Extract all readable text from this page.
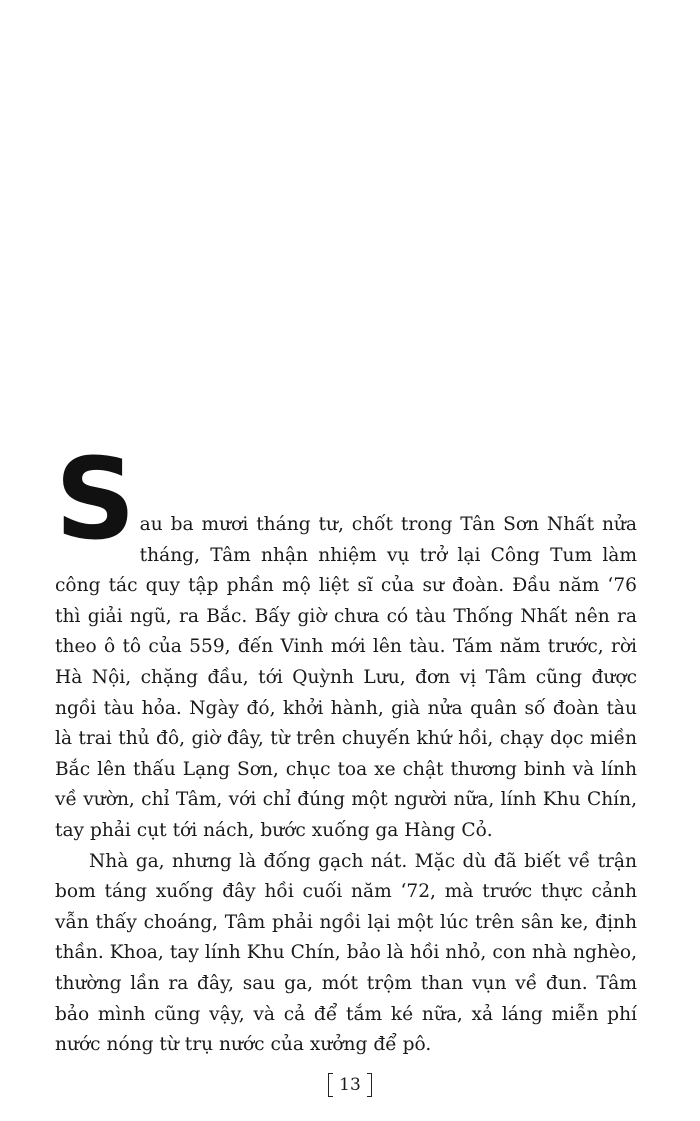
S au ba mươi tháng tư, chốt trong Tân Sơn Nhất nửa tháng, Tâm nhận nhiệm vụ trở lại Công Tum làm công tác quy tập phần mộ liệt sĩ của sư đoàn. Đầu năm ‘76 thì giải ngũ, ra Bắc. Bấy giờ chưa có tàu Thống Nhất nên ra theo ô tô của 559, đến Vinh mới lên tàu. Tám năm trước, rời Hà Nội, chặng đầu, tới Quỳnh Lưu, đơn vị Tâm cũng được ngồi tàu hỏa. Ngày đó, khởi hành, già nửa quân số đoàn tàu là trai thủ đô, giờ đây, từ trên chuyến khứ hồi, chạy dọc miền Bắc lên thấu Lạng Sơn, chục toa xe chật thương binh và lính về vườn, chỉ Tâm, với chỉ đúng một người nữa, lính Khu Chín, tay phải cụt tới nách, bước xuống ga Hàng Cỏ.

Nhà ga, nhưng là đống gạch nát. Mặc dù đã biết về trận bom táng xuống đây hồi cuối năm ‘72, mà trước thực cảnh vẫn thấy choáng, Tâm phải ngồi lại một lúc trên sân ke, định thần. Khoa, tay lính Khu Chín, bảo là hồi nhỏ, con nhà nghèo, thường lần ra đây, sau ga, mót trộm than vụn về đun. Tâm bảo mình cũng vậy, và cả để tắm ké nữa, xả láng miễn phí nước nóng từ trụ nước của xưởng để pô.

13
